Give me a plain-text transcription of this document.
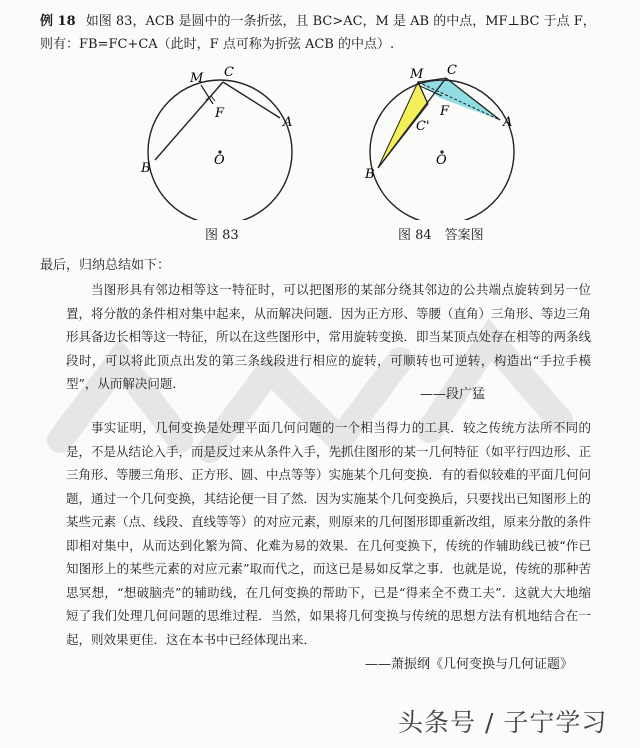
例 18 如图 83，ACB 是圆中的一条折弦，且 BC>AC，M 是 AB 的中点，MF⊥BC 于点 F，
则有：FB=FC+CA（此时，F 点可称为折弦 ACB 的中点）.
M C
F
A
B
O
图 83
M C
F
C'	A
B
O
图 84　答案图
最后，归纳总结如下：
当图形具有邻边相等这一特征时，可以把图形的某部分绕其邻边的公共端点旋转到另一位置，将分散的条件相对集中起来，从而解决问题．因为正方形、等腰（直角）三角形、等边三角形具备边长相等这一特征，所以在这些图形中，常用旋转变换．即当某顶点处存在相等的两条线段时，可以将此顶点出发的第三条线段进行相应的旋转，可顺转也可逆转，构造出“手拉手模型”，从而解决问题．
——段广猛
事实证明，几何变换是处理平面几何问题的一个相当得力的工具．较之传统方法所不同的是，不是从结论入手，而是反过来从条件入手，先抓住图形的某一几何特征（如平行四边形、正三角形、等腰三角形、正方形、圆、中点等等）实施某个几何变换．有的看似较难的平面几何问题，通过一个几何变换，其结论便一目了然．因为实施某个几何变换后，只要找出已知图形上的某些元素（点、线段、直线等等）的对应元素，则原来的几何图形即重新改组，原来分散的条件即相对集中，从而达到化繁为简、化难为易的效果．在几何变换下，传统的作辅助线已被“作已知图形上的某些元素的对应元素”取而代之，而这已是易如反掌之事．也就是说，传统的那种苦思冥想，“想破脑壳”的辅助线，在几何变换的帮助下，已是“得来全不费工夫”．这就大大地缩短了我们处理几何问题的思维过程．当然，如果将几何变换与传统的思想方法有机地结合在一起，则效果更佳．这在本书中已经体现出来．
——萧振纲《几何变换与几何证题》
头条号 / 子宁学习
